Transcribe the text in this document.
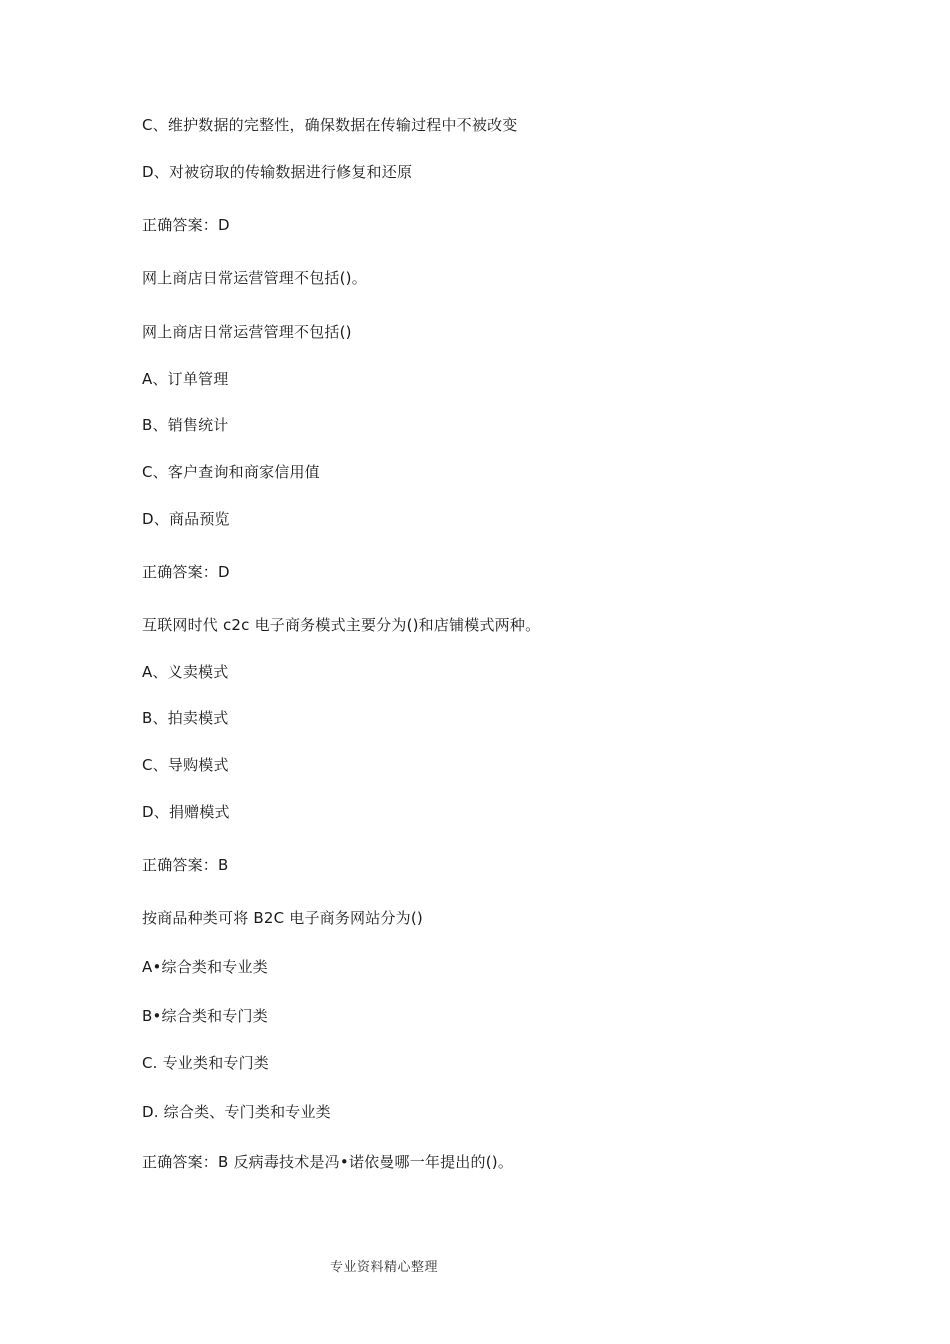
C、维护数据的完整性，确保数据在传输过程中不被改变
D、对被窃取的传输数据进行修复和还原
正确答案：D
网上商店日常运营管理不包括()。
网上商店日常运营管理不包括()
A、订单管理
B、销售统计
C、客户查询和商家信用值
D、商品预览
正确答案：D
互联网时代 c2c 电子商务模式主要分为()和店铺模式两种。
A、义卖模式
B、拍卖模式
C、导购模式
D、捐赠模式
正确答案：B
按商品种类可将 B2C 电子商务网站分为()
A•综合类和专业类
B•综合类和专门类
C. 专业类和专门类
D. 综合类、专门类和专业类
正确答案：B 反病毒技术是冯•诺依曼哪一年提出的()。
专业资料精心整理
